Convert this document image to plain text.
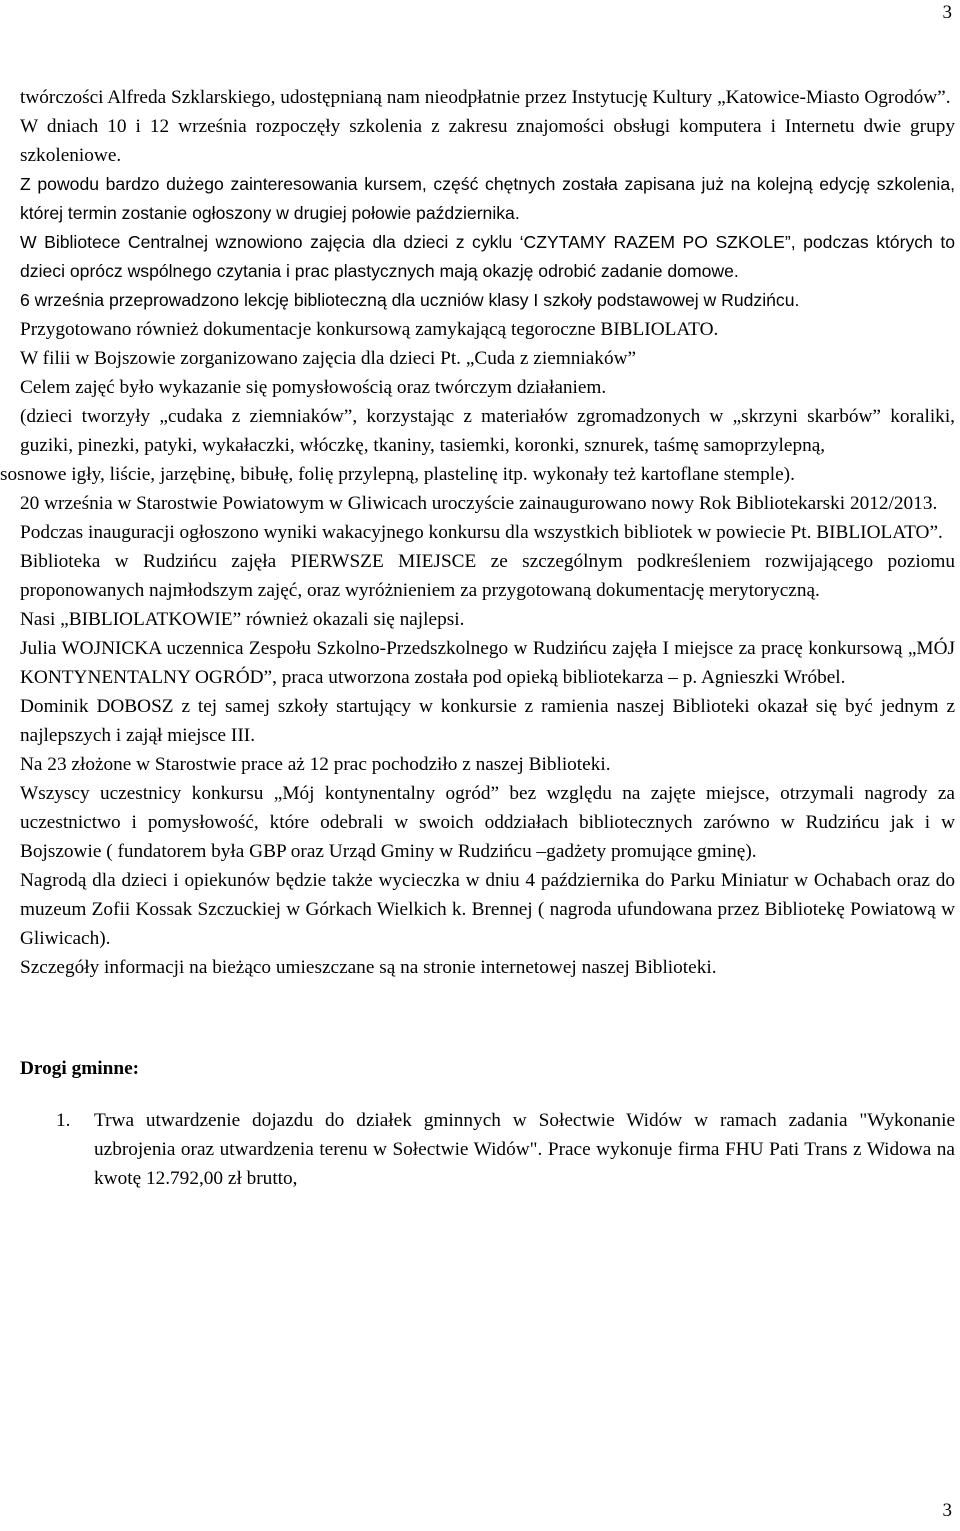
3

twórczości Alfreda Szklarskiego, udostępnianą nam nieodpłatnie przez Instytucję Kultury „Katowice-Miasto Ogrodów”.

W dniach 10 i 12 września rozpoczęły szkolenia z zakresu znajomości obsługi komputera i Internetu dwie grupy szkoleniowe.

Z powodu bardzo dużego zainteresowania kursem, część chętnych została zapisana już na kolejną edycję szkolenia, której termin zostanie ogłoszony w drugiej połowie października.

W Bibliotece Centralnej wznowiono zajęcia dla dzieci z cyklu ‘CZYTAMY RAZEM PO SZKOLE”, podczas których to dzieci oprócz wspólnego czytania i prac plastycznych mają okazję odrobić zadanie domowe.

6 września przeprowadzono lekcję biblioteczną dla uczniów klasy I szkoły podstawowej w Rudzińcu.

Przygotowano również dokumentacje konkursową zamykającą tegoroczne BIBLIOLATO.

W filii w Bojszowie zorganizowano zajęcia dla dzieci Pt. „Cuda z ziemniaków”

Celem zajęć było wykazanie się pomysłowością oraz twórczym działaniem.

(dzieci tworzyły „cudaka z ziemniaków”, korzystając z materiałów zgromadzonych w „skrzyni skarbów” koraliki, guziki, pinezki, patyki, wykałaczki, włóczkę, tkaniny, tasiemki, koronki, sznurek, taśmę samoprzylepną,

sosnowe igły, liście, jarzębinę, bibułę, folię przylepną, plastelinę itp. wykonały też kartoflane stemple).

20 września w Starostwie Powiatowym w Gliwicach uroczyście zainaugurowano nowy Rok Bibliotekarski 2012/2013.

Podczas inauguracji ogłoszono wyniki wakacyjnego konkursu dla wszystkich bibliotek w powiecie Pt. BIBLIOLATO”.

Biblioteka w Rudzińcu zajęła PIERWSZE MIEJSCE ze szczególnym podkreśleniem rozwijającego poziomu proponowanych najmłodszym zajęć, oraz wyróżnieniem za przygotowaną dokumentację merytoryczną.

Nasi „BIBLIOLATKOWIE” również okazali się najlepsi.

Julia WOJNICKA uczennica Zespołu Szkolno-Przedszkolnego w Rudzińcu zajęła I miejsce za pracę konkursową „MÓJ KONTYNENTALNY OGRÓD”, praca utworzona została pod opieką bibliotekarza – p. Agnieszki Wróbel.

Dominik DOBOSZ z tej samej szkoły startujący w konkursie z ramienia naszej Biblioteki okazał się być jednym z najlepszych i zajął miejsce III.

Na 23 złożone w Starostwie prace aż 12 prac pochodziło z naszej Biblioteki.

Wszyscy uczestnicy konkursu „Mój kontynentalny ogród” bez względu na zajęte miejsce, otrzymali nagrody za uczestnictwo i pomysłowość, które odebrali w swoich oddziałach bibliotecznych zarówno w Rudzińcu jak i w Bojszowie ( fundatorem była GBP oraz Urząd Gminy w Rudzińcu –gadżety promujące gminę).

Nagrodą dla dzieci i opiekunów będzie także wycieczka w dniu 4 października do Parku Miniatur w Ochabach oraz do muzeum Zofii Kossak Szczuckiej w Górkach Wielkich k. Brennej ( nagroda ufundowana przez Bibliotekę Powiatową w Gliwicach).

Szczegóły informacji na bieżąco umieszczane są na stronie internetowej naszej Biblioteki.

Drogi gminne:
1.	Trwa utwardzenie dojazdu do działek gminnych w Sołectwie Widów w ramach zadania "Wykonanie uzbrojenia oraz utwardzenia terenu w Sołectwie Widów". Prace wykonuje firma FHU Pati Trans z Widowa na kwotę 12.792,00 zł brutto,
3
